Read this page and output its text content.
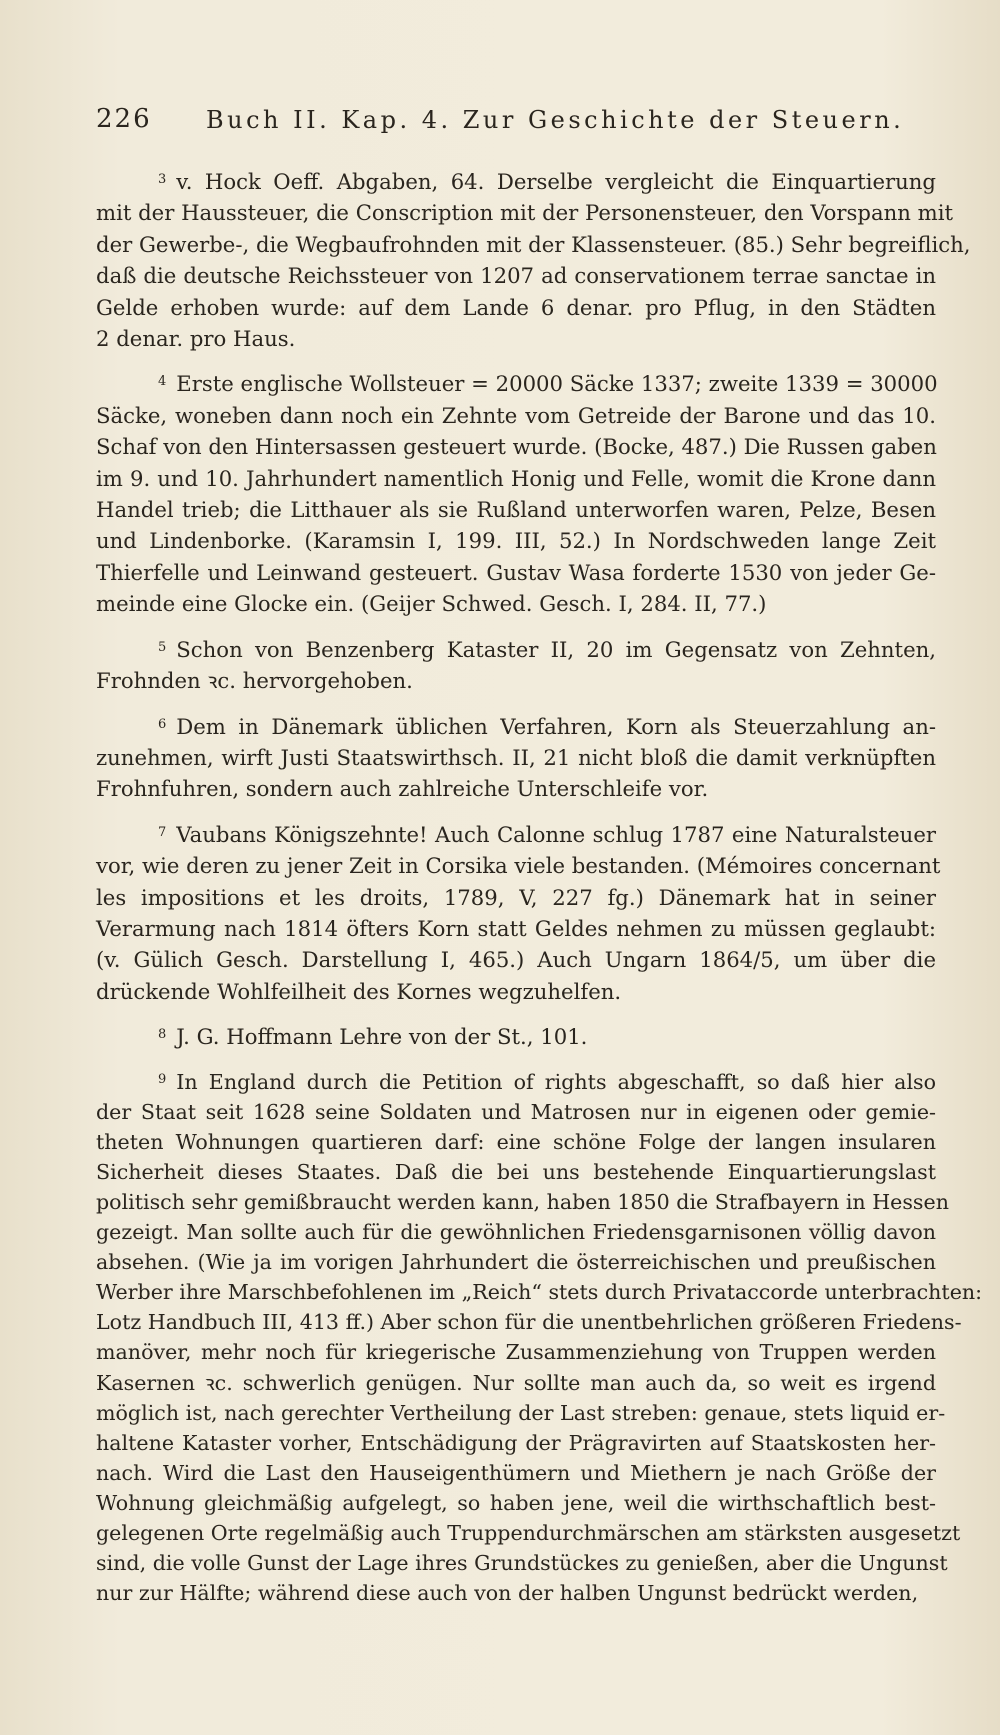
226 Buch II. Kap. 4. Zur Geschichte der Steuern.
$^3$ v. Hock Oeff. Abgaben, 64. Derselbe vergleicht die Einquartierung
mit der Haussteuer, die Conscription mit der Personensteuer, den Vorspann mit
der Gewerbe-, die Wegbaufrohnden mit der Klassensteuer. (85.) Sehr begreiflich,
daß die deutsche Reichssteuer von 1207 ad conservationem terrae sanctae in
Gelde erhoben wurde: auf dem Lande 6 denar. pro Pflug, in den Städten
2 denar. pro Haus.
$^4$ Erste englische Wollsteuer = 20000 Säcke 1337; zweite 1339 = 30000
Säcke, woneben dann noch ein Zehnte vom Getreide der Barone und das 10.
Schaf von den Hintersassen gesteuert wurde. (Bocke, 487.) Die Russen gaben
im 9. und 10. Jahrhundert namentlich Honig und Felle, womit die Krone dann
Handel trieb; die Litthauer als sie Rußland unterworfen waren, Pelze, Besen
und Lindenborke. (Karamsin I, 199. III, 52.) In Nordschweden lange Zeit
Thierfelle und Leinwand gesteuert. Gustav Wasa forderte 1530 von jeder Ge-
meinde eine Glocke ein. (Geijer Schwed. Gesch. I, 284. II, 77.)
$^5$ Schon von Benzenberg Kataster II, 20 im Gegensatz von Zehnten,
Frohnden ꝛc. hervorgehoben.
$^6$ Dem in Dänemark üblichen Verfahren, Korn als Steuerzahlung an-
zunehmen, wirft Justi Staatswirthsch. II, 21 nicht bloß die damit verknüpften
Frohnfuhren, sondern auch zahlreiche Unterschleife vor.
$^7$ Vaubans Königszehnte! Auch Calonne schlug 1787 eine Naturalsteuer
vor, wie deren zu jener Zeit in Corsika viele bestanden. (Mémoires concernant
les impositions et les droits, 1789, V, 227 fg.) Dänemark hat in seiner
Verarmung nach 1814 öfters Korn statt Geldes nehmen zu müssen geglaubt:
(v. Gülich Gesch. Darstellung I, 465.) Auch Ungarn 1864/5, um über die
drückende Wohlfeilheit des Kornes wegzuhelfen.
$^8$ J. G. Hoffmann Lehre von der St., 101.
$^9$ In England durch die Petition of rights abgeschafft, so daß hier also
der Staat seit 1628 seine Soldaten und Matrosen nur in eigenen oder gemie-
theten Wohnungen quartieren darf: eine schöne Folge der langen insularen
Sicherheit dieses Staates. Daß die bei uns bestehende Einquartierungslast
politisch sehr gemißbraucht werden kann, haben 1850 die Strafbayern in Hessen
gezeigt. Man sollte auch für die gewöhnlichen Friedensgarnisonen völlig davon
absehen. (Wie ja im vorigen Jahrhundert die österreichischen und preußischen
Werber ihre Marschbefohlenen im „Reich“ stets durch Privataccorde unterbrachten:
Lotz Handbuch III, 413 ff.) Aber schon für die unentbehrlichen größeren Friedens-
manöver, mehr noch für kriegerische Zusammenziehung von Truppen werden
Kasernen ꝛc. schwerlich genügen. Nur sollte man auch da, so weit es irgend
möglich ist, nach gerechter Vertheilung der Last streben: genaue, stets liquid er-
haltene Kataster vorher, Entschädigung der Prägravirten auf Staatskosten her-
nach. Wird die Last den Hauseigenthümern und Miethern je nach Größe der
Wohnung gleichmäßig aufgelegt, so haben jene, weil die wirthschaftlich best-
gelegenen Orte regelmäßig auch Truppendurchmärschen am stärksten ausgesetzt
sind, die volle Gunst der Lage ihres Grundstückes zu genießen, aber die Ungunst
nur zur Hälfte; während diese auch von der halben Ungunst bedrückt werden,
